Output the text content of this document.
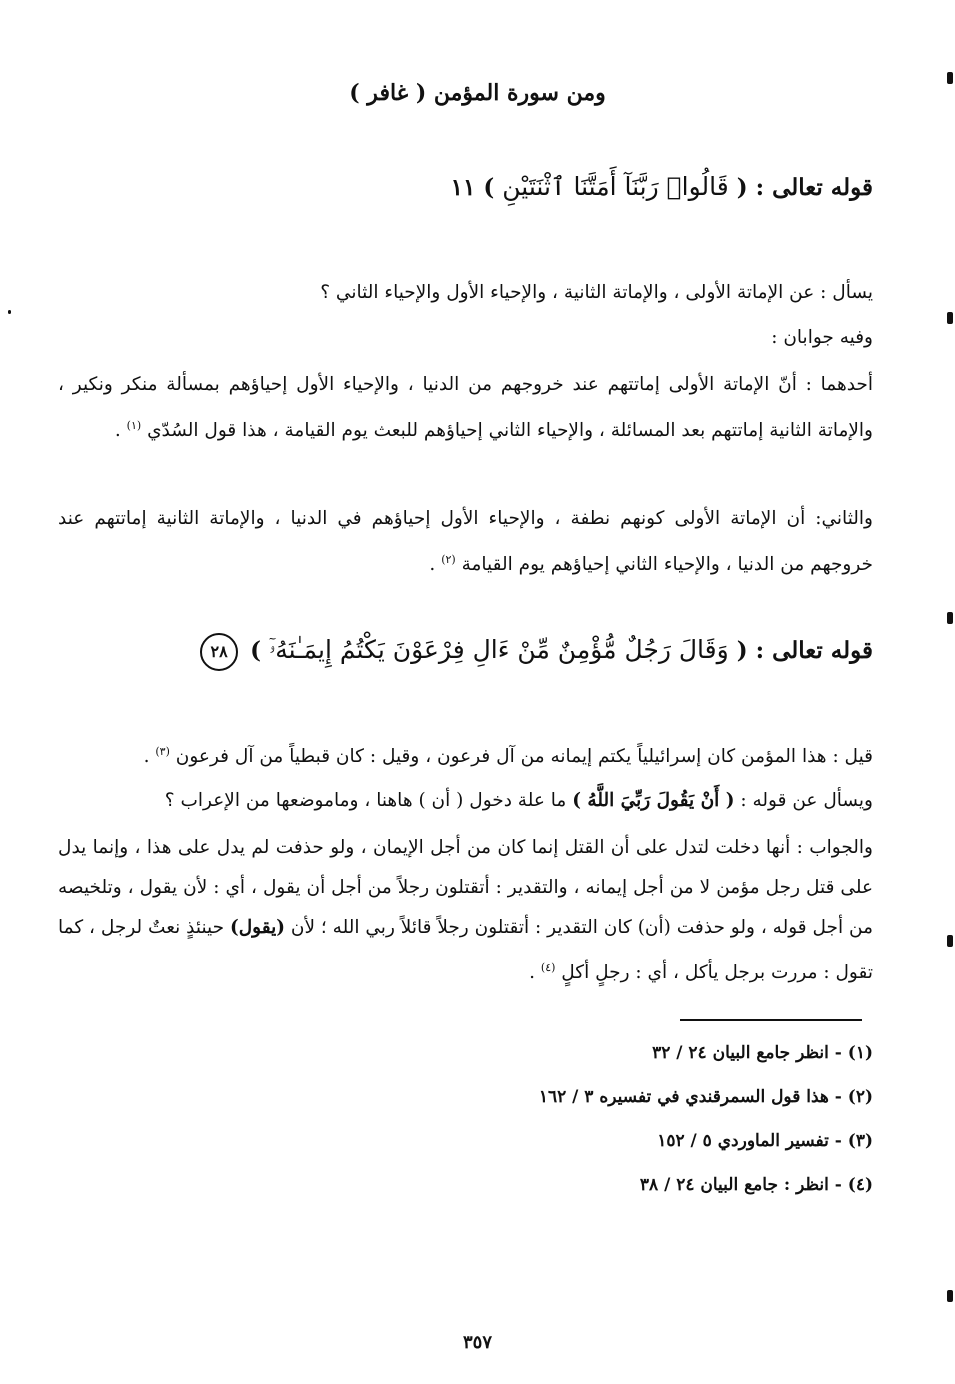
ومن سورة المؤمن ( غافر )
قوله تعالى : ( قَالُوا۟ رَبَّنَآ أَمَتَّنَا ٱثْنَتَيْنِ ) ١١
يسأل : عن الإماتة الأولى ، والإماتة الثانية ، والإحياء الأول والإحياء الثاني ؟
وفيه جوابان :
أحدهما : أنّ الإماتة الأولى إماتتهم عند خروجهم من الدنيا ، والإحياء الأول إحياؤهم بمسألة منكر ونكير ، والإماتة الثانية إماتتهم بعد المسائلة ، والإحياء الثاني إحياؤهم للبعث يوم القيامة ، هذا قول السُدّي $^{(١)}$ .
والثاني: أن الإماتة الأولى كونهم نطفة ، والإحياء الأول إحياؤهم في الدنيا ، والإماتة الثانية إماتتهم عند خروجهم من الدنيا ، والإحياء الثاني إحياؤهم يوم القيامة $^{(٢)}$ .
قوله تعالى : ( وَقَالَ رَجُلٌ مُّؤْمِنٌ مِّنْ ءَالِ فِرْعَوْنَ يَكْتُمُ إِيمَـٰنَهُۥٓ ) ٢٨
قيل : هذا المؤمن كان إسرائيلياً يكتم إيمانه من آل فرعون ، وقيل : كان قبطياً من آل فرعون $^{(٣)}$ .
ويسأل عن قوله : ( أَنْ يَقُولَ رَبِّيَ اللَّهُ ) ما علة دخول ( أن ) هاهنا ، وماموضعها من الإعراب ؟
والجواب : أنها دخلت لتدل على أن القتل إنما كان من أجل الإيمان ، ولو حذفت لم يدل على هذا ، وإنما يدل على قتل رجل مؤمن لا من أجل إيمانه ، والتقدير : أتقتلون رجلاً من أجل أن يقول ، أي : لأن يقول ، وتلخيصه من أجل قوله ، ولو حذفت (أن) كان التقدير : أتقتلون رجلاً قائلاً ربي الله ؛ لأن (يقول) حينئذٍ نعتٌ لرجل ، كما تقول : مررت برجل يأكل ، أي : رجلٍ أكلٍ $^{(٤)}$ .
(١) - انظر جامع البيان ٢٤ / ٣٢
(٢) - هذا قول السمرقندي في تفسيره ٣ / ١٦٢
(٣) - تفسير الماوردي ٥ / ١٥٢
(٤) - انظر : جامع البيان ٢٤ / ٣٨
٣٥٧
